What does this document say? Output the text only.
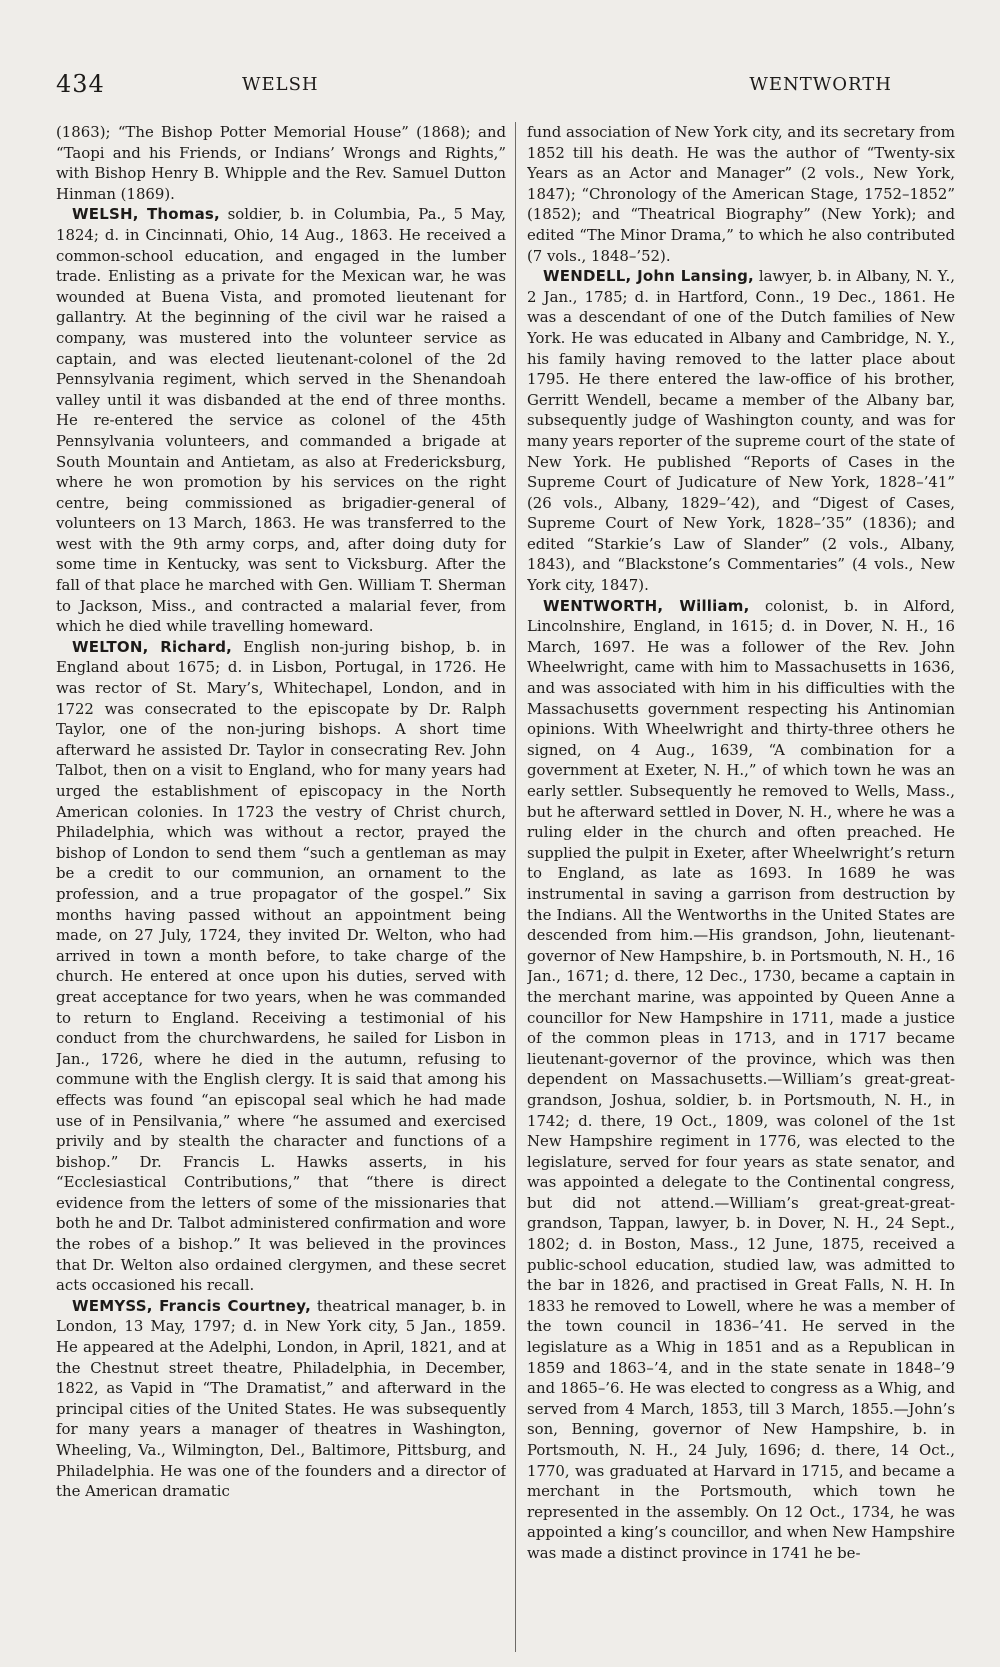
434	WELSH	WENTWORTH

(1863); “The Bishop Potter Memorial House” (1868); and “Taopi and his Friends, or Indians’ Wrongs and Rights,” with Bishop Henry B. Whipple and the Rev. Samuel Dutton Hinman (1869).

WELSH, Thomas, soldier, b. in Columbia, Pa., 5 May, 1824; d. in Cincinnati, Ohio, 14 Aug., 1863. He received a common-school education, and engaged in the lumber trade. Enlisting as a private for the Mexican war, he was wounded at Buena Vista, and promoted lieutenant for gallantry. At the beginning of the civil war he raised a company, was mustered into the volunteer service as captain, and was elected lieutenant-colonel of the 2d Pennsylvania regiment, which served in the Shenandoah valley until it was disbanded at the end of three months. He re-entered the service as colonel of the 45th Pennsylvania volunteers, and commanded a brigade at South Mountain and Antietam, as also at Fredericksburg, where he won promotion by his services on the right centre, being commissioned as brigadier-general of volunteers on 13 March, 1863. He was transferred to the west with the 9th army corps, and, after doing duty for some time in Kentucky, was sent to Vicksburg. After the fall of that place he marched with Gen. William T. Sherman to Jackson, Miss., and contracted a malarial fever, from which he died while travelling homeward.

WELTON, Richard, English non-juring bishop, b. in England about 1675; d. in Lisbon, Portugal, in 1726. He was rector of St. Mary’s, Whitechapel, London, and in 1722 was consecrated to the episcopate by Dr. Ralph Taylor, one of the non-juring bishops. A short time afterward he assisted Dr. Taylor in consecrating Rev. John Talbot, then on a visit to England, who for many years had urged the establishment of episcopacy in the North American colonies. In 1723 the vestry of Christ church, Philadelphia, which was without a rector, prayed the bishop of London to send them “such a gentleman as may be a credit to our communion, an ornament to the profession, and a true propagator of the gospel.” Six months having passed without an appointment being made, on 27 July, 1724, they invited Dr. Welton, who had arrived in town a month before, to take charge of the church. He entered at once upon his duties, served with great acceptance for two years, when he was commanded to return to England. Receiving a testimonial of his conduct from the churchwardens, he sailed for Lisbon in Jan., 1726, where he died in the autumn, refusing to commune with the English clergy. It is said that among his effects was found “an episcopal seal which he had made use of in Pensilvania,” where “he assumed and exercised privily and by stealth the character and functions of a bishop.” Dr. Francis L. Hawks asserts, in his “Ecclesiastical Contributions,” that “there is direct evidence from the letters of some of the missionaries that both he and Dr. Talbot administered confirmation and wore the robes of a bishop.” It was believed in the provinces that Dr. Welton also ordained clergymen, and these secret acts occasioned his recall.

WEMYSS, Francis Courtney, theatrical manager, b. in London, 13 May, 1797; d. in New York city, 5 Jan., 1859. He appeared at the Adelphi, London, in April, 1821, and at the Chestnut street theatre, Philadelphia, in December, 1822, as Vapid in “The Dramatist,” and afterward in the principal cities of the United States. He was subsequently for many years a manager of theatres in Washington, Wheeling, Va., Wilmington, Del., Baltimore, Pittsburg, and Philadelphia. He was one of the founders and a director of the American dramatic

fund association of New York city, and its secretary from 1852 till his death. He was the author of “Twenty-six Years as an Actor and Manager” (2 vols., New York, 1847); “Chronology of the American Stage, 1752–1852” (1852); and “Theatrical Biography” (New York); and edited “The Minor Drama,” to which he also contributed (7 vols., 1848–’52).

WENDELL, John Lansing, lawyer, b. in Albany, N. Y., 2 Jan., 1785; d. in Hartford, Conn., 19 Dec., 1861. He was a descendant of one of the Dutch families of New York. He was educated in Albany and Cambridge, N. Y., his family having removed to the latter place about 1795. He there entered the law-office of his brother, Gerritt Wendell, became a member of the Albany bar, subsequently judge of Washington county, and was for many years reporter of the supreme court of the state of New York. He published “Reports of Cases in the Supreme Court of Judicature of New York, 1828–’41” (26 vols., Albany, 1829–’42), and “Digest of Cases, Supreme Court of New York, 1828–’35” (1836); and edited “Starkie’s Law of Slander” (2 vols., Albany, 1843), and “Blackstone’s Commentaries” (4 vols., New York city, 1847).

WENTWORTH, William, colonist, b. in Alford, Lincolnshire, England, in 1615; d. in Dover, N. H., 16 March, 1697. He was a follower of the Rev. John Wheelwright, came with him to Massachusetts in 1636, and was associated with him in his difficulties with the Massachusetts government respecting his Antinomian opinions. With Wheelwright and thirty-three others he signed, on 4 Aug., 1639, “A combination for a government at Exeter, N. H.,” of which town he was an early settler. Subsequently he removed to Wells, Mass., but he afterward settled in Dover, N. H., where he was a ruling elder in the church and often preached. He supplied the pulpit in Exeter, after Wheelwright’s return to England, as late as 1693. In 1689 he was instrumental in saving a garrison from destruction by the Indians. All the Wentworths in the United States are descended from him.—His grandson, John, lieutenant-governor of New Hampshire, b. in Portsmouth, N. H., 16 Jan., 1671; d. there, 12 Dec., 1730, became a captain in the merchant marine, was appointed by Queen Anne a councillor for New Hampshire in 1711, made a justice of the common pleas in 1713, and in 1717 became lieutenant-governor of the province, which was then dependent on Massachusetts.—William’s great-great-grandson, Joshua, soldier, b. in Portsmouth, N. H., in 1742; d. there, 19 Oct., 1809, was colonel of the 1st New Hampshire regiment in 1776, was elected to the legislature, served for four years as state senator, and was appointed a delegate to the Continental congress, but did not attend.—William’s great-great-great-grandson, Tappan, lawyer, b. in Dover, N. H., 24 Sept., 1802; d. in Boston, Mass., 12 June, 1875, received a public-school education, studied law, was admitted to the bar in 1826, and practised in Great Falls, N. H. In 1833 he removed to Lowell, where he was a member of the town council in 1836–’41. He served in the legislature as a Whig in 1851 and as a Republican in 1859 and 1863–’4, and in the state senate in 1848–’9 and 1865–’6. He was elected to congress as a Whig, and served from 4 March, 1853, till 3 March, 1855.—John’s son, Benning, governor of New Hampshire, b. in Portsmouth, N. H., 24 July, 1696; d. there, 14 Oct., 1770, was graduated at Harvard in 1715, and became a merchant in the Portsmouth, which town he represented in the assembly. On 12 Oct., 1734, he was appointed a king’s councillor, and when New Hampshire was made a distinct province in 1741 he be-
